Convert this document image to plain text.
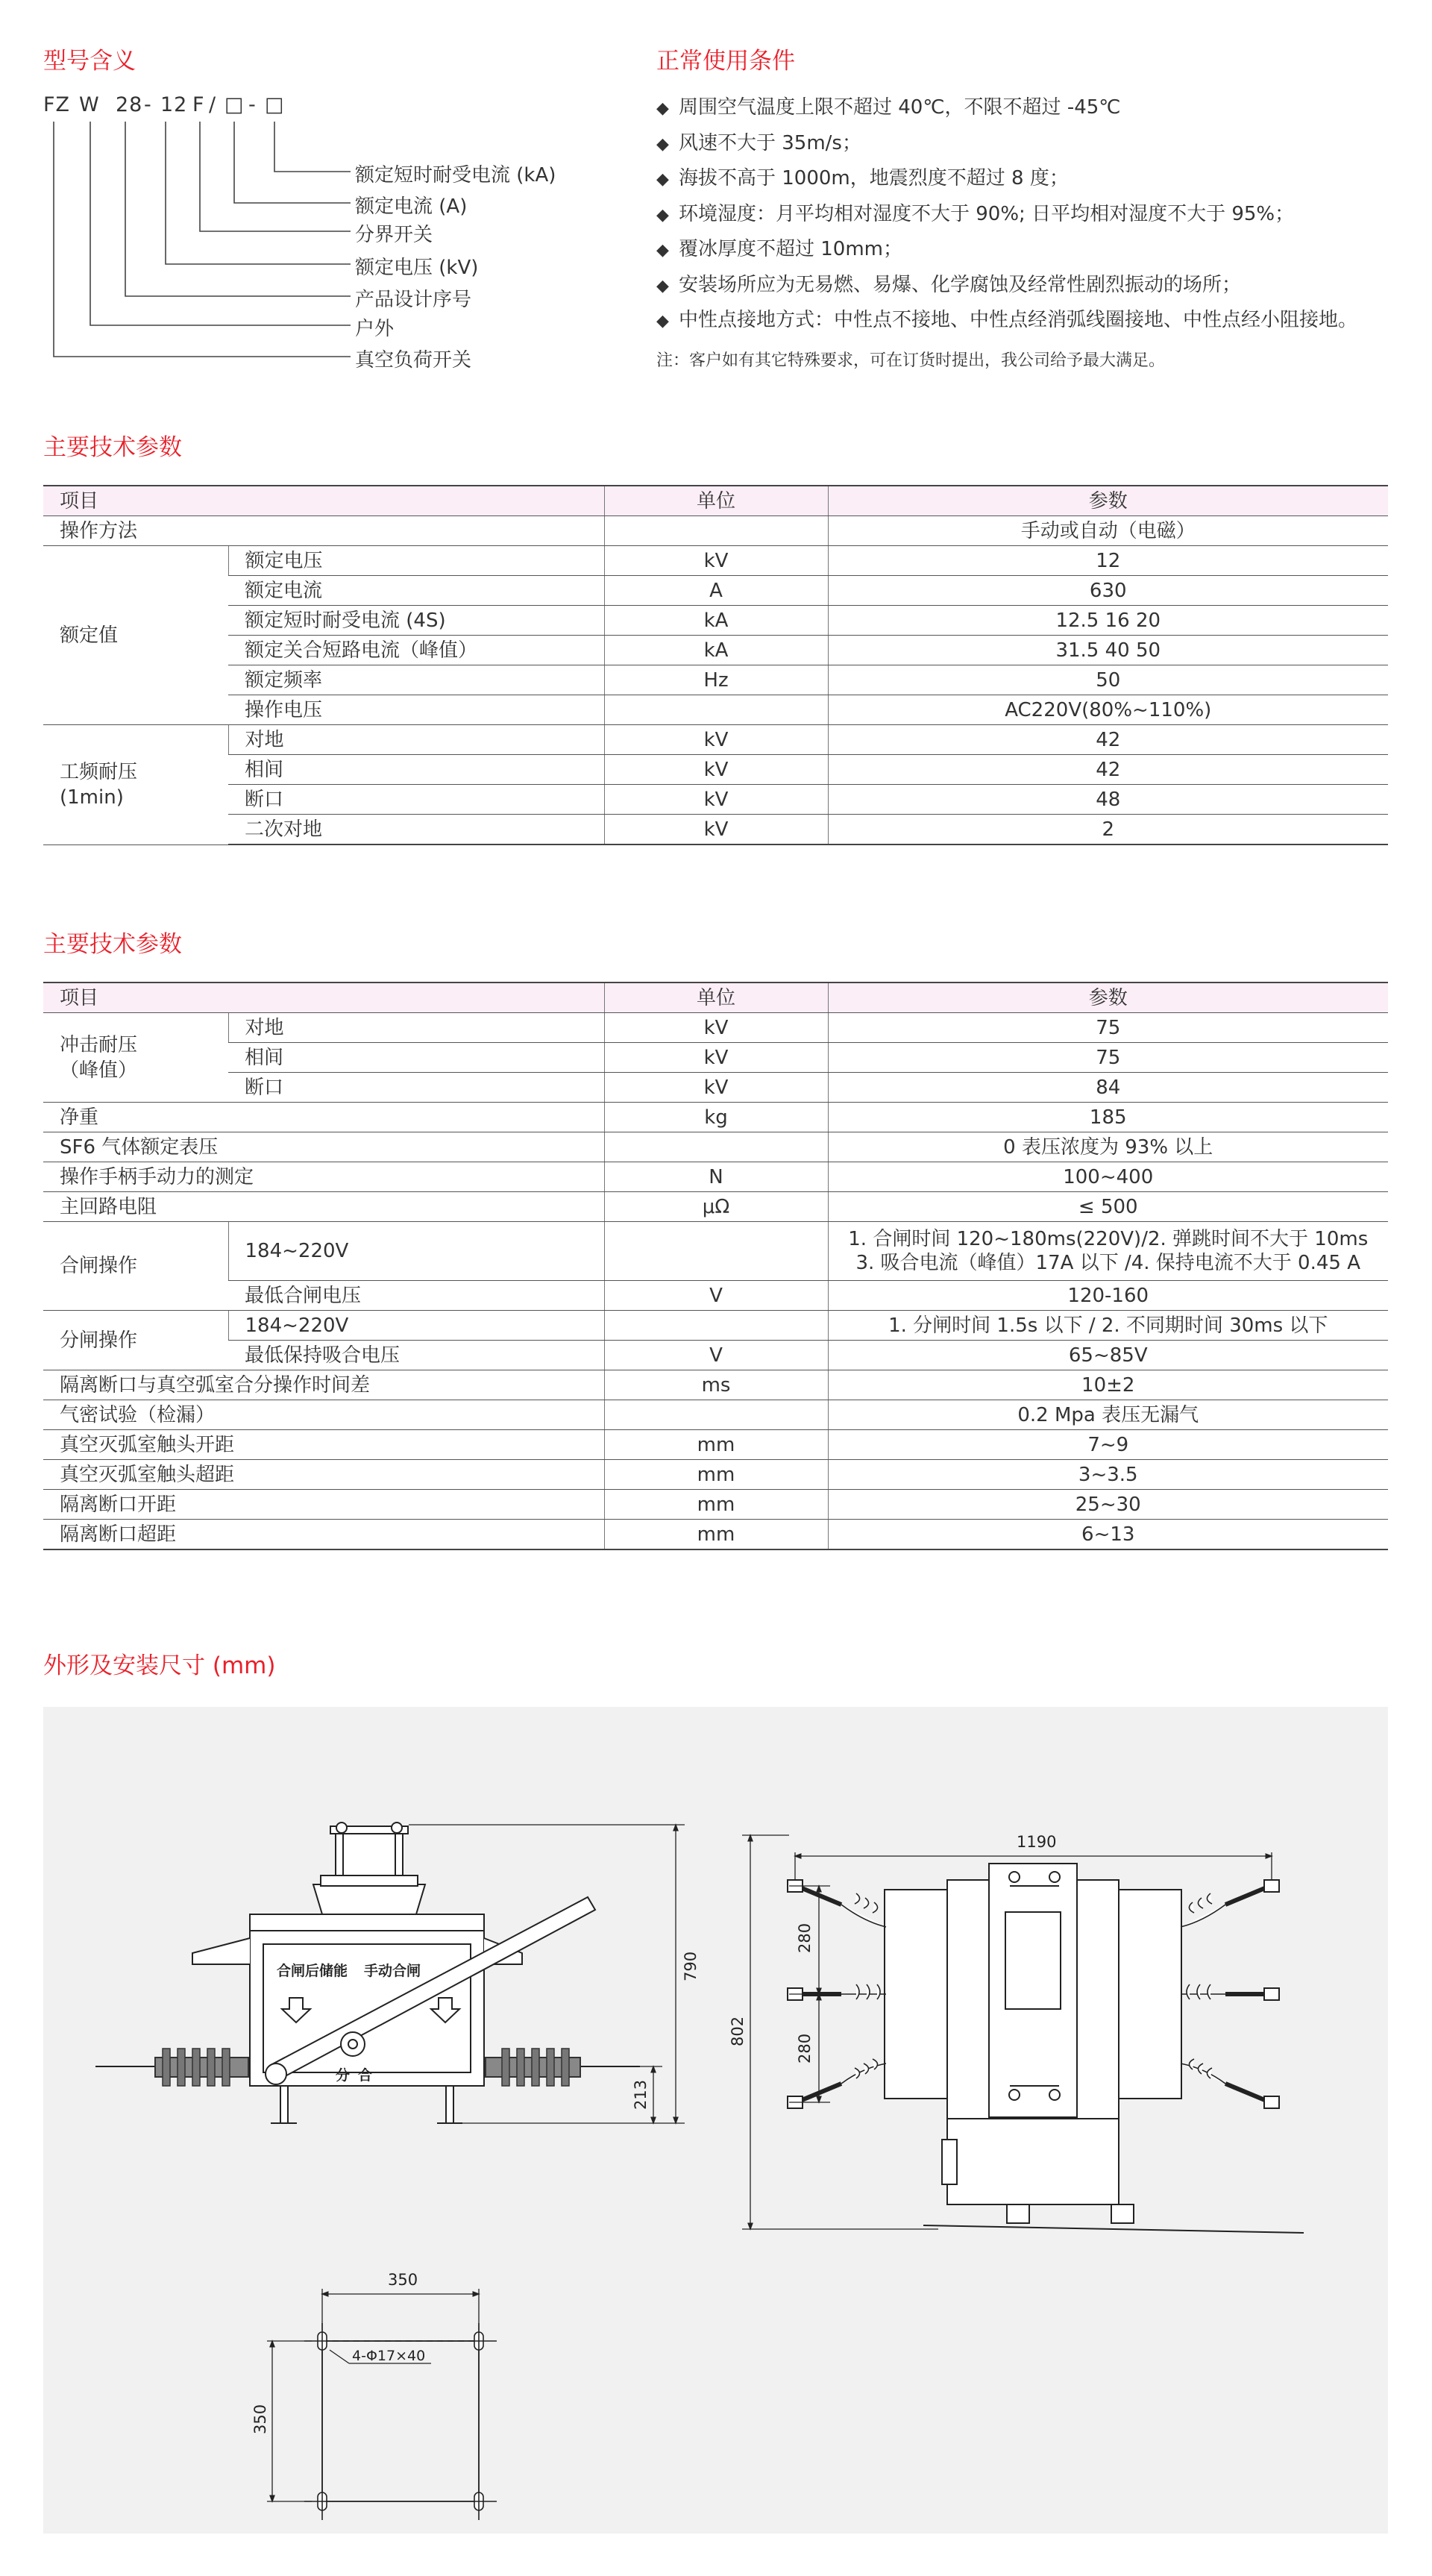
型号含义
FZ W 28 - 12 F / □ - □
额定短时耐受电流 (kA)
额定电流 (A)
分界开关
额定电压 (kV)
产品设计序号
户外
真空负荷开关
正常使用条件
◆ 周围空气温度上限不超过 40℃，不限不超过 -45℃
◆ 风速不大于 35m/s；
◆ 海拔不高于 1000m，地震烈度不超过 8 度；
◆ 环境湿度：月平均相对湿度不大于 90%; 日平均相对湿度不大于 95%；
◆ 覆冰厚度不超过 10mm；
◆ 安装场所应为无易燃、易爆、化学腐蚀及经常性剧烈振动的场所；
◆ 中性点接地方式：中性点不接地、中性点经消弧线圈接地、中性点经小阻接地。
注：客户如有其它特殊要求，可在订货时提出，我公司给予最大满足。
主要技术参数
项目		单位	参数
操作方法			手动或自动（电磁）
额定值	额定电压	kV	12
	额定电流	A	630
	额定短时耐受电流 (4S)	kA	12.5 16 20
	额定关合短路电流（峰值）	kA	31.5 40 50
	额定频率	Hz	50
	操作电压		AC220V(80%~110%)
工频耐压
(1min)	对地	kV	42
	相间	kV	42
	断口	kV	48
	二次对地	kV	2
主要技术参数
项目		单位	参数
冲击耐压
（峰值）	对地	kV	75
	相间	kV	75
	断口	kV	84
净重		kg	185
SF6 气体额定表压			0 表压浓度为 93% 以上
操作手柄手动力的测定		N	100~400
主回路电阻		μΩ	≤ 500
合闸操作	184~220V		1. 合闸时间 120~180ms(220V)/2. 弹跳时间不大于 10ms
3. 吸合电流（峰值）17A 以下 /4. 保持电流不大于 0.45 A
	最低合闸电压	V	120-160
分闸操作	184~220V		1. 分闸时间 1.5s 以下 / 2. 不同期时间 30ms 以下
	最低保持吸合电压	V	65~85V
隔离断口与真空弧室合分操作时间差		ms	10±2
气密试验（检漏）			0.2 Mpa 表压无漏气
真空灭弧室触头开距		mm	7~9
真空灭弧室触头超距		mm	3~3.5
隔离断口开距		mm	25~30
隔离断口超距		mm	6~13
外形及安装尺寸 (mm)
合闸后储能 手动合闸
分 合
790
213
1190
280
280
802
350
350
4-Φ17×40
